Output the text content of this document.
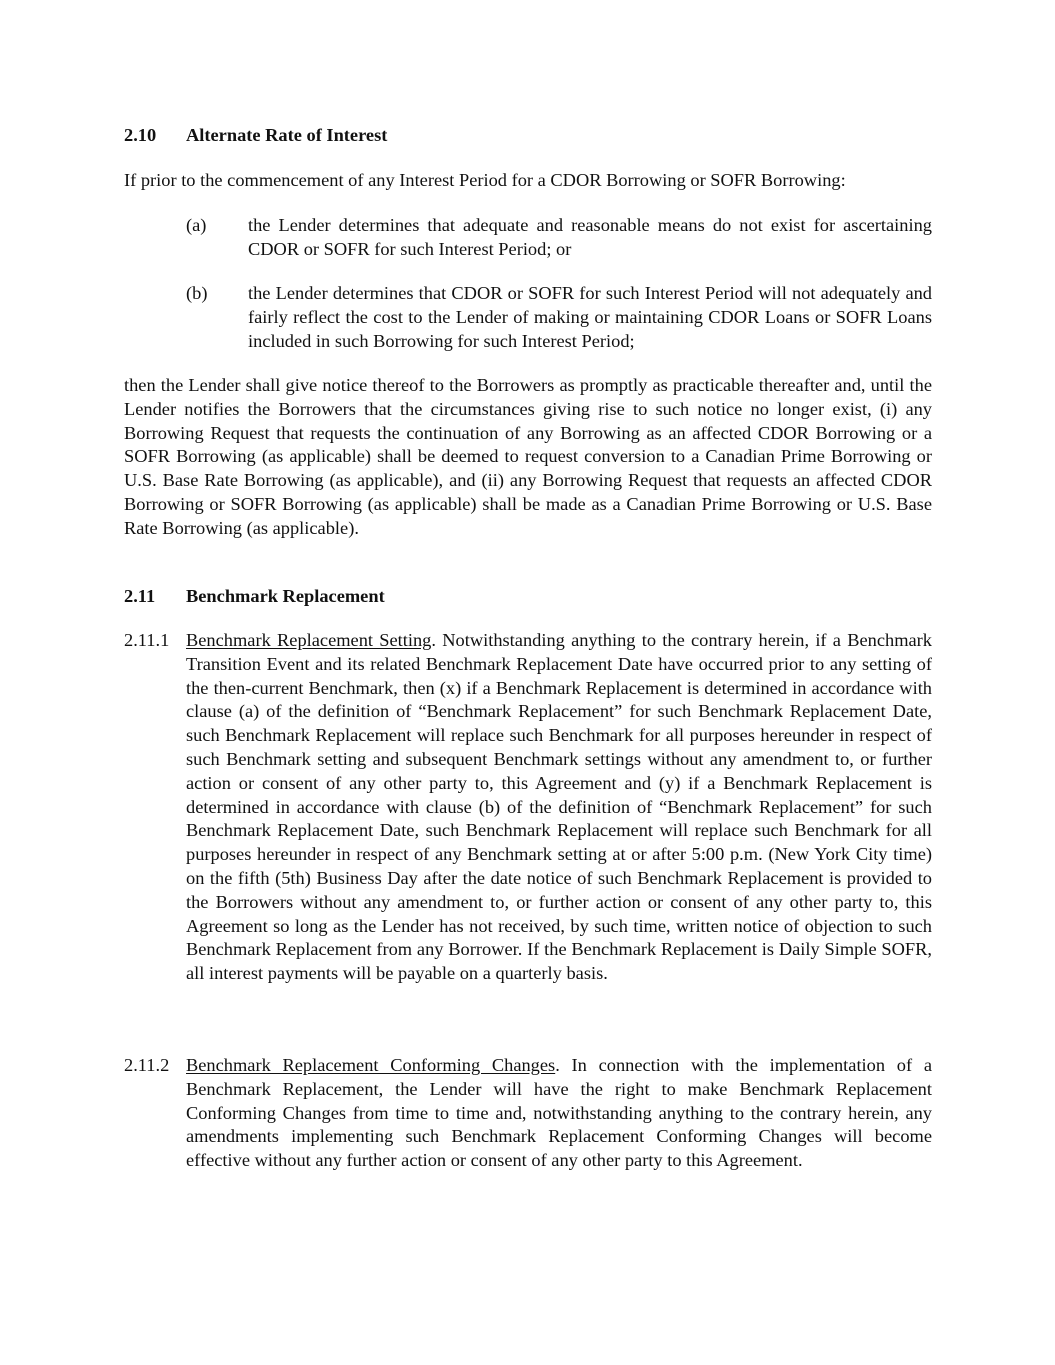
2.10 Alternate Rate of Interest

If prior to the commencement of any Interest Period for a CDOR Borrowing or SOFR Borrowing:

(a) the Lender determines that adequate and reasonable means do not exist for ascertaining CDOR or SOFR for such Interest Period; or
(b) the Lender determines that CDOR or SOFR for such Interest Period will not adequately and fairly reflect the cost to the Lender of making or maintaining CDOR Loans or SOFR Loans included in such Borrowing for such Interest Period;

then the Lender shall give notice thereof to the Borrowers as promptly as practicable thereafter and, until the Lender notifies the Borrowers that the circumstances giving rise to such notice no longer exist, (i) any Borrowing Request that requests the continuation of any Borrowing as an affected CDOR Borrowing or a SOFR Borrowing (as applicable) shall be deemed to request conversion to a Canadian Prime Borrowing or U.S. Base Rate Borrowing (as applicable), and (ii) any Borrowing Request that requests an affected CDOR Borrowing or SOFR Borrowing (as applicable) shall be made as a Canadian Prime Borrowing or U.S. Base Rate Borrowing (as applicable).

2.11 Benchmark Replacement
2.11.1 Benchmark Replacement Setting. Notwithstanding anything to the contrary herein, if a Benchmark Transition Event and its related Benchmark Replacement Date have occurred prior to any setting of the then-current Benchmark, then (x) if a Benchmark Replacement is determined in accordance with clause (a) of the definition of “Benchmark Replacement” for such Benchmark Replacement Date, such Benchmark Replacement will replace such Benchmark for all purposes hereunder in respect of such Benchmark setting and subsequent Benchmark settings without any amendment to, or further action or consent of any other party to, this Agreement and (y) if a Benchmark Replacement is determined in accordance with clause (b) of the definition of “Benchmark Replacement” for such Benchmark Replacement Date, such Benchmark Replacement will replace such Benchmark for all purposes hereunder in respect of any Benchmark setting at or after 5:00 p.m. (New York City time) on the fifth (5th) Business Day after the date notice of such Benchmark Replacement is provided to the Borrowers without any amendment to, or further action or consent of any other party to, this Agreement so long as the Lender has not received, by such time, written notice of objection to such Benchmark Replacement from any Borrower. If the Benchmark Replacement is Daily Simple SOFR, all interest payments will be payable on a quarterly basis.
2.11.2 Benchmark Replacement Conforming Changes. In connection with the implementation of a Benchmark Replacement, the Lender will have the right to make Benchmark Replacement Conforming Changes from time to time and, notwithstanding anything to the contrary herein, any amendments implementing such Benchmark Replacement Conforming Changes will become effective without any further action or consent of any other party to this Agreement.
